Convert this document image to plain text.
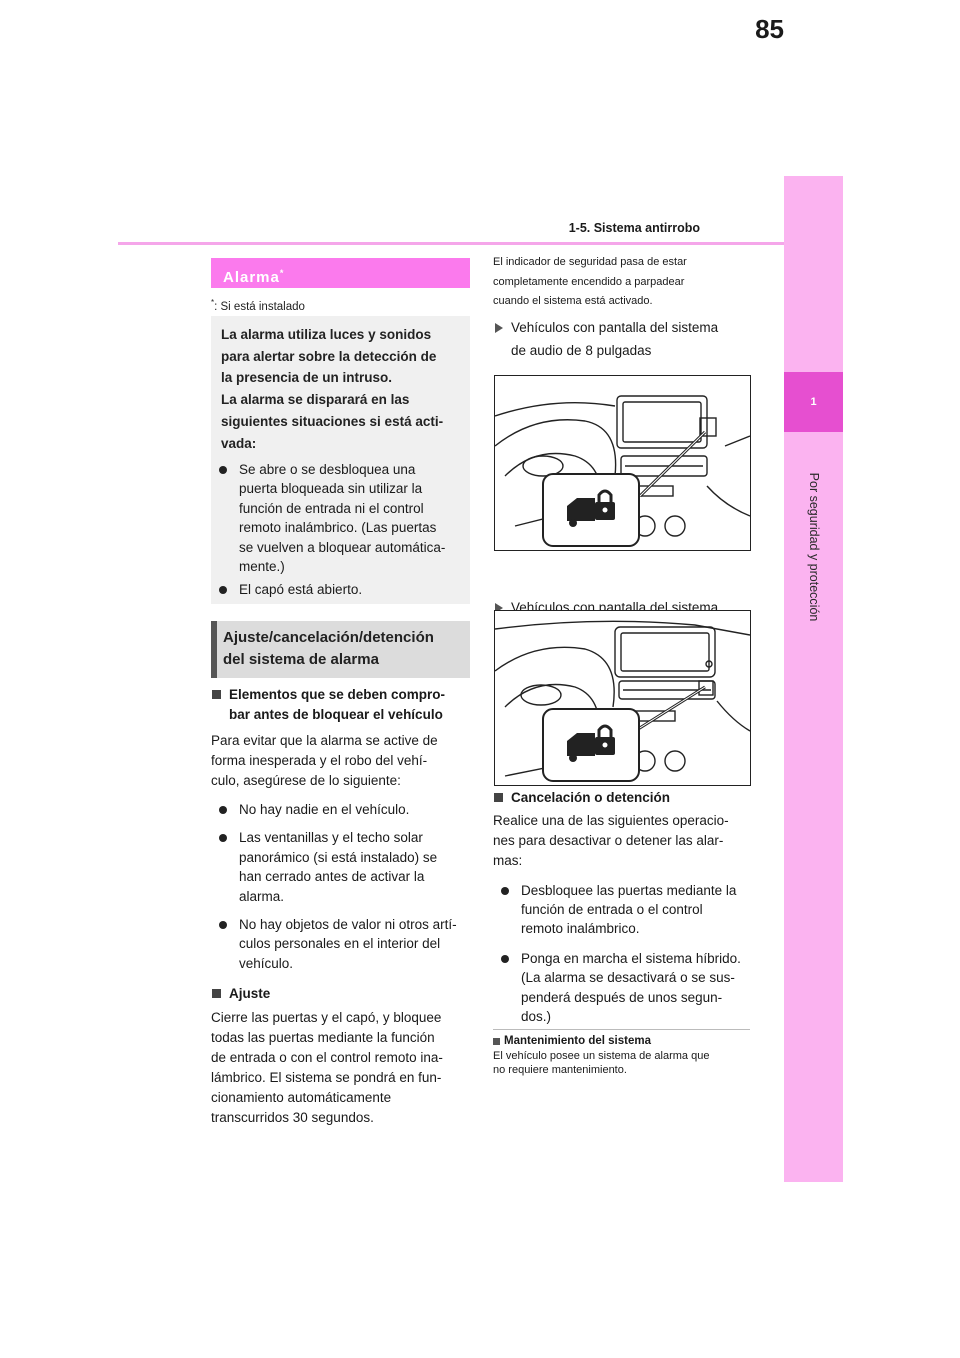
85
1-5. Sistema antirrobo
1
Por seguridad y protección
Alarma*
*: Si está instalado
La alarma utiliza luces y sonidos
para alertar sobre la detección de
la presencia de un intruso.
La alarma se disparará en las
siguientes situaciones si está acti-
vada:
Se abre o se desbloquea una
puerta bloqueada sin utilizar la
función de entrada ni el control
remoto inalámbrico. (Las puertas
se vuelven a bloquear automática-
mente.)
El capó está abierto.
Ajuste/cancelación/detención
del sistema de alarma
Elementos que se deben compro-
bar antes de bloquear el vehículo
Para evitar que la alarma se active de
forma inesperada y el robo del vehí-
culo, asegúrese de lo siguiente:
No hay nadie en el vehículo.
Las ventanillas y el techo solar
panorámico (si está instalado) se
han cerrado antes de activar la
alarma.
No hay objetos de valor ni otros artí-
culos personales en el interior del
vehículo.
Ajuste
Cierre las puertas y el capó, y bloquee
todas las puertas mediante la función
de entrada o con el control remoto ina-
lámbrico. El sistema se pondrá en fun-
cionamiento automáticamente
transcurridos 30 segundos.
El indicador de seguridad pasa de estar
completamente encendido a parpadear
cuando el sistema está activado.
Vehículos con pantalla del sistema
de audio de 8 pulgadas
Vehículos con pantalla del sistema
de audio de 12,3 pulgadas
Cancelación o detención
Realice una de las siguientes operacio-
nes para desactivar o detener las alar-
mas:
Desbloquee las puertas mediante la
función de entrada o el control
remoto inalámbrico.
Ponga en marcha el sistema híbrido.
(La alarma se desactivará o se sus-
penderá después de unos segun-
dos.)
Mantenimiento del sistema
El vehículo posee un sistema de alarma que
no requiere mantenimiento.
